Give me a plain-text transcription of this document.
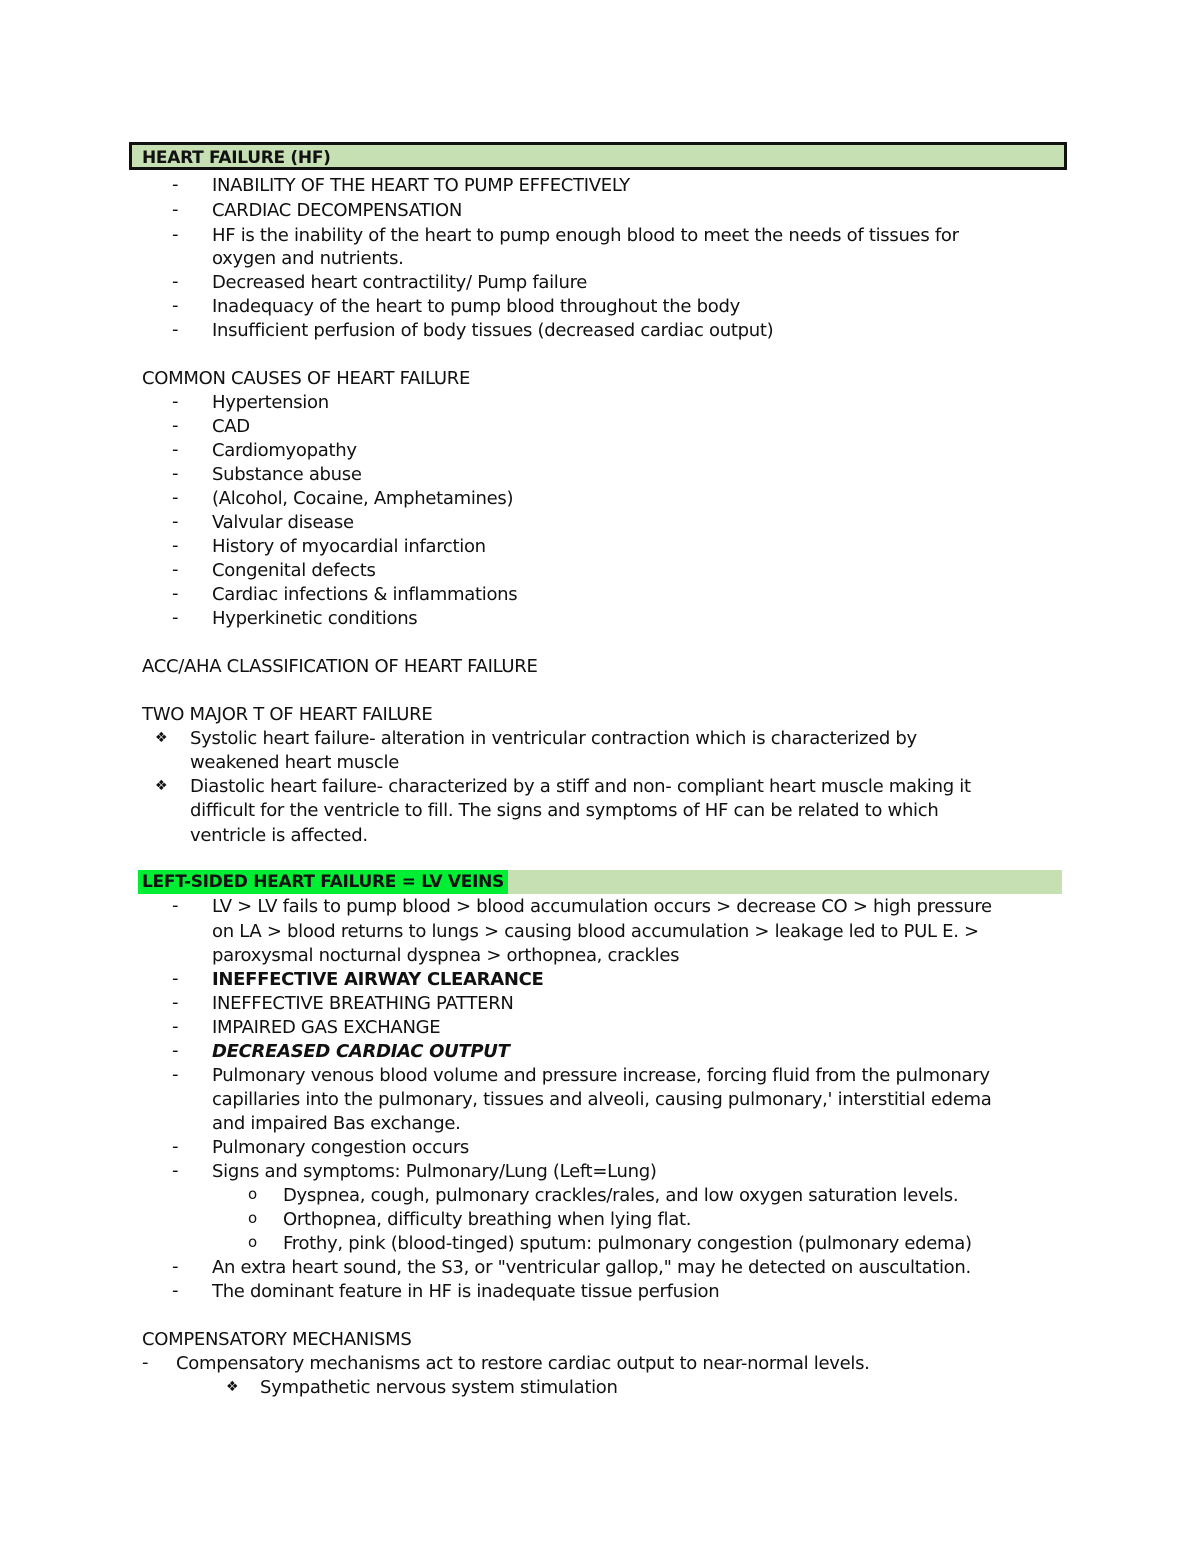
HEART FAILURE (HF)
-	INABILITY OF THE HEART TO PUMP EFFECTIVELY
-	CARDIAC DECOMPENSATION
-	HF is the inability of the heart to pump enough blood to meet the needs of tissues for
oxygen and nutrients.
-	Decreased heart contractility/ Pump failure
-	Inadequacy of the heart to pump blood throughout the body
-	Insufficient perfusion of body tissues (decreased cardiac output)
COMMON CAUSES OF HEART FAILURE
-	Hypertension
-	CAD
-	Cardiomyopathy
-	Substance abuse
-	(Alcohol, Cocaine, Amphetamines)
-	Valvular disease
-	History of myocardial infarction
-	Congenital defects
-	Cardiac infections & inflammations
-	Hyperkinetic conditions
ACC/AHA CLASSIFICATION OF HEART FAILURE
TWO MAJOR T OF HEART FAILURE
❖ Systolic heart failure- alteration in ventricular contraction which is characterized by
weakened heart muscle
❖ Diastolic heart failure- characterized by a stiff and non- compliant heart muscle making it
difficult for the ventricle to fill. The signs and symptoms of HF can be related to which
ventricle is affected.
LEFT-SIDED HEART FAILURE = LV VEINS
-	LV > LV fails to pump blood > blood accumulation occurs > decrease CO > high pressure
on LA > blood returns to lungs > causing blood accumulation > leakage led to PUL E. >
paroxysmal nocturnal dyspnea > orthopnea, crackles
-	INEFFECTIVE AIRWAY CLEARANCE
-	INEFFECTIVE BREATHING PATTERN
-	IMPAIRED GAS EXCHANGE
-	DECREASED CARDIAC OUTPUT
-	Pulmonary venous blood volume and pressure increase, forcing fluid from the pulmonary
capillaries into the pulmonary, tissues and alveoli, causing pulmonary,' interstitial edema
and impaired Bas exchange.
-	Pulmonary congestion occurs
-	Signs and symptoms: Pulmonary/Lung (Left=Lung)
o Dyspnea, cough, pulmonary crackles/rales, and low oxygen saturation levels.
o Orthopnea, difficulty breathing when lying flat.
o Frothy, pink (blood-tinged) sputum: pulmonary congestion (pulmonary edema)
-	An extra heart sound, the S3, or "ventricular gallop," may he detected on auscultation.
-	The dominant feature in HF is inadequate tissue perfusion
COMPENSATORY MECHANISMS
-	Compensatory mechanisms act to restore cardiac output to near-normal levels.
❖ Sympathetic nervous system stimulation
